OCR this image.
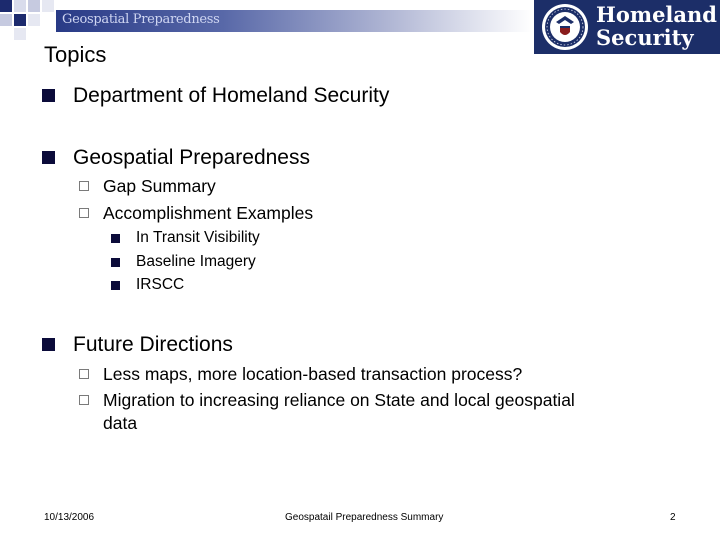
Geospatial Preparedness	Homeland
Security
Topics
Department of Homeland Security
Geospatial Preparedness
Gap Summary
Accomplishment Examples
In Transit Visibility
Baseline Imagery
IRSCC
Future Directions
Less maps, more location-based transaction process?
Migration to increasing reliance on State and local geospatial
data
10/13/2006	Geospatail Preparedness Summary	2
